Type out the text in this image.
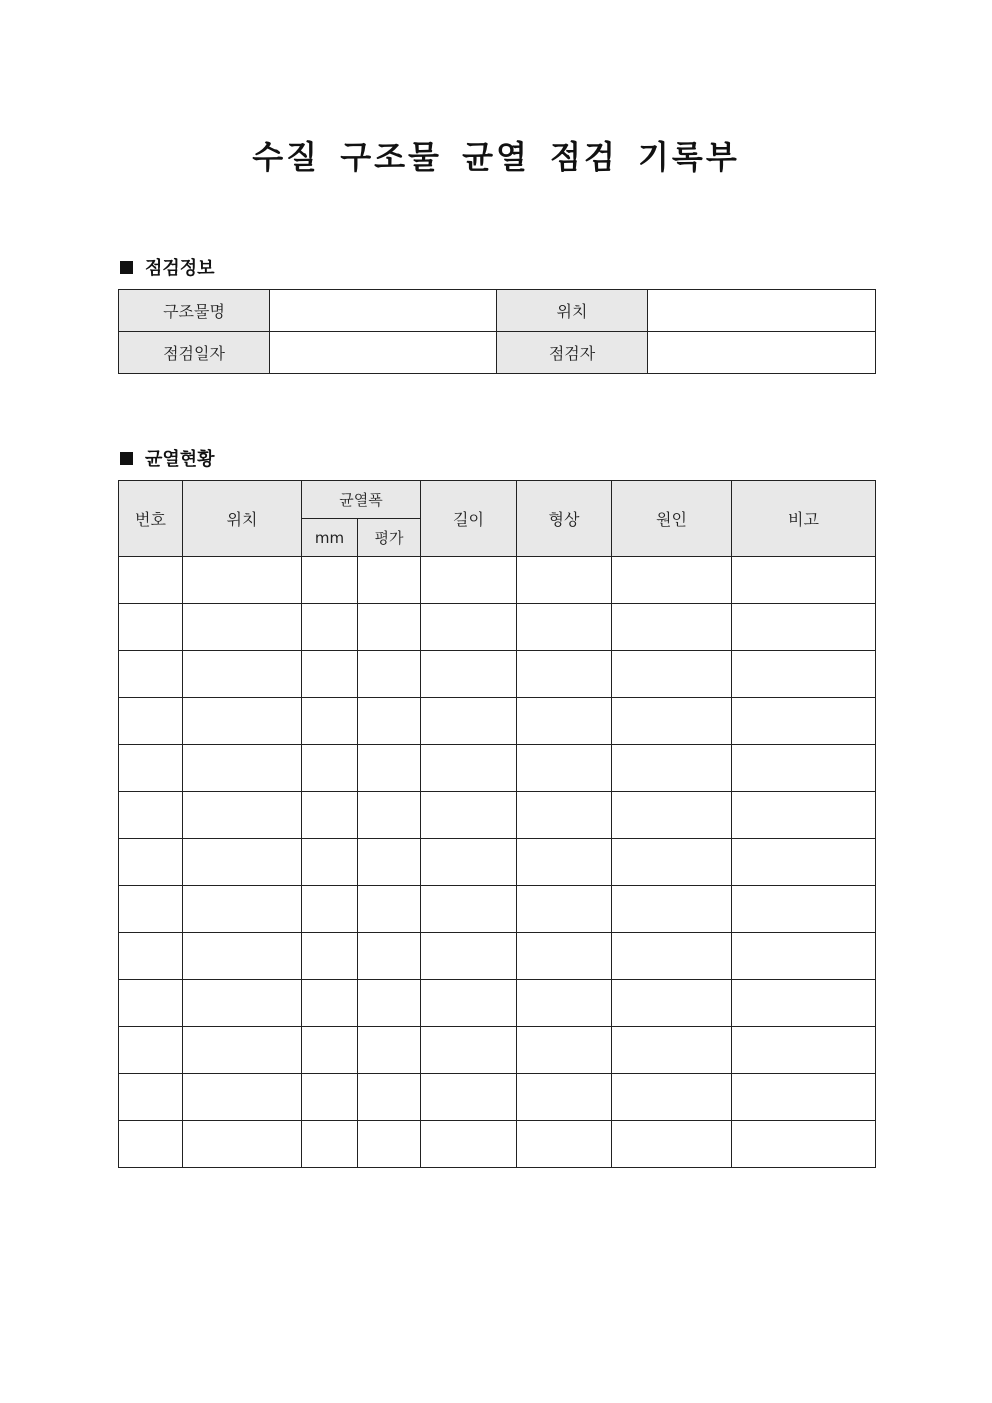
수질 구조물 균열 점검 기록부
점검정보
구조물명		위치	
점검일자		점검자	
균열현황
번호	위치	균열폭		길이	형상	원인	비고
		mm	평가				
